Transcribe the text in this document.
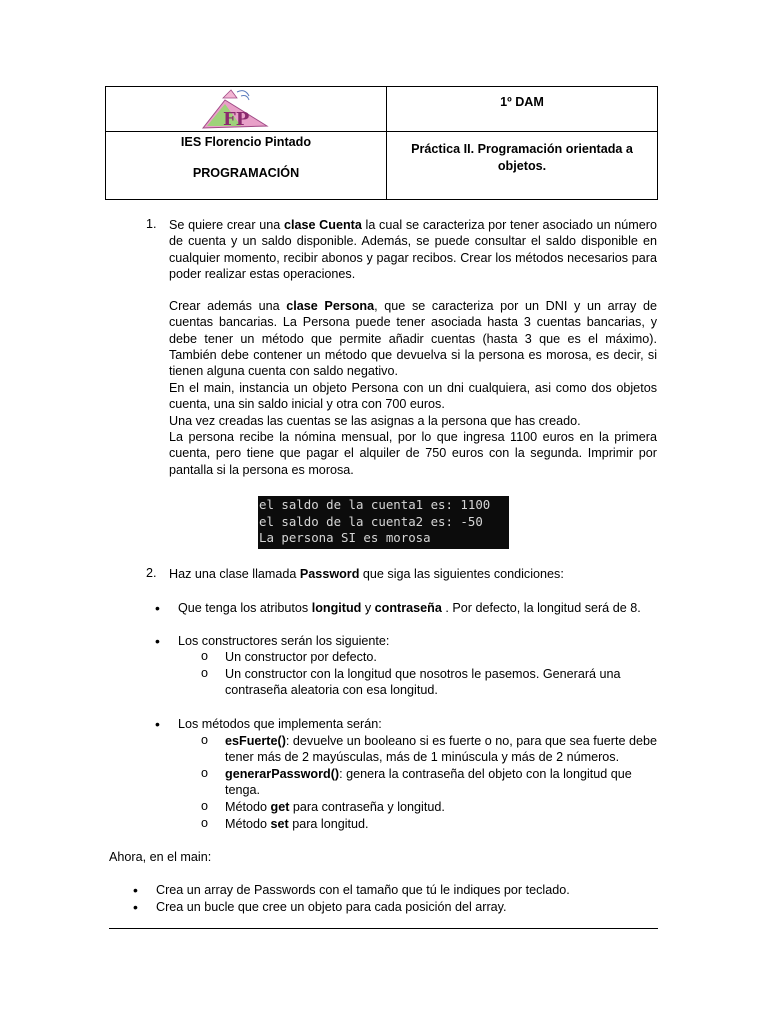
FP
1º DAM
IES Florencio Pintado
PROGRAMACIÓN
Práctica II. Programación orientada a objetos.
1. Se quiere crear una clase Cuenta la cual se caracteriza por tener asociado un número de cuenta y un saldo disponible. Además, se puede consultar el saldo disponible en cualquier momento, recibir abonos y pagar recibos. Crear los métodos necesarios para poder realizar estas operaciones.
Crear además una clase Persona, que se caracteriza por un DNI y un array de cuentas bancarias. La Persona puede tener asociada hasta 3 cuentas bancarias, y debe tener un método que permite añadir cuentas (hasta 3 que es el máximo). También debe contener un método que devuelva si la persona es morosa, es decir, si tienen alguna cuenta con saldo negativo.
En el main, instancia un objeto Persona con un dni cualquiera, asi como dos objetos cuenta, una sin saldo inicial y otra con 700 euros.
Una vez creadas las cuentas se las asignas a la persona que has creado.
La persona recibe la nómina mensual, por lo que ingresa 1100 euros en la primera cuenta, pero tiene que pagar el alquiler de 750 euros con la segunda. Imprimir por pantalla si la persona es morosa.
el saldo de la cuenta1 es: 1100
el saldo de la cuenta2 es: -50
La persona SI es morosa
2. Haz una clase llamada Password que siga las siguientes condiciones:
• Que tenga los atributos longitud y contraseña . Por defecto, la longitud será de 8.
• Los constructores serán los siguiente:
o Un constructor por defecto.
o Un constructor con la longitud que nosotros le pasemos. Generará una contraseña aleatoria con esa longitud.
• Los métodos que implementa serán:
o esFuerte(): devuelve un booleano si es fuerte o no, para que sea fuerte debe tener más de 2 mayúsculas, más de 1 minúscula y más de 2 números.
o generarPassword(): genera la contraseña del objeto con la longitud que tenga.
o Método get para contraseña y longitud.
o Método set para longitud.
Ahora, en el main:
• Crea un array de Passwords con el tamaño que tú le indiques por teclado.
• Crea un bucle que cree un objeto para cada posición del array.
